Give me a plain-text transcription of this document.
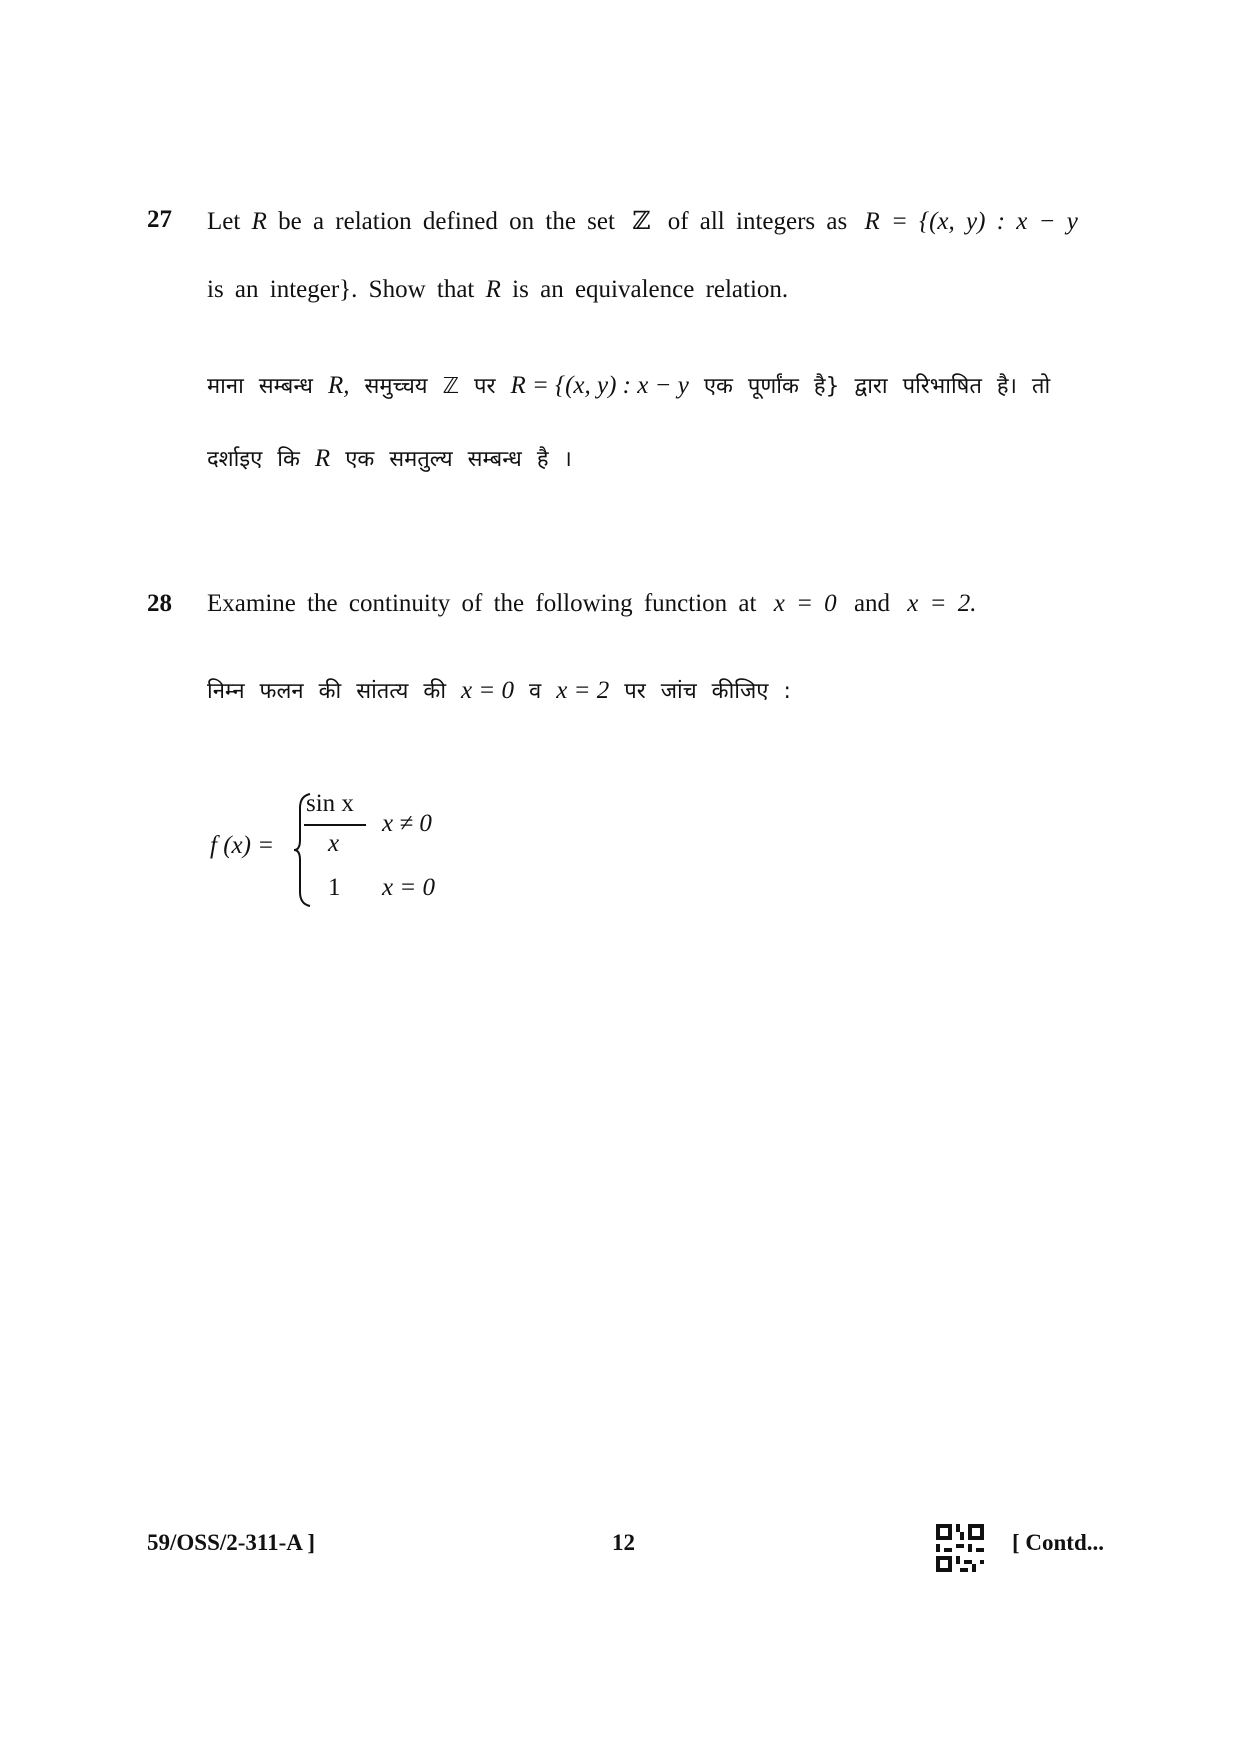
27 Let R be a relation defined on the set ℤ of all integers as R = {(x, y) : x − y
is an integer}. Show that R is an equivalence relation.
माना सम्बन्ध R, समुच्चय ℤ पर R = {(x, y) : x − y एक पूर्णांक है} द्वारा परिभाषित है। तो
दर्शाइए कि R एक समतुल्य सम्बन्ध है ।
28 Examine the continuity of the following function at x = 0 and x = 2.
निम्न फलन की सांतत्य की x = 0 व x = 2 पर जांच कीजिए :
f (x) =
sin x
x
1
x ≠ 0
x = 0
59/OSS/2-311-A ]	12	[ Contd...
